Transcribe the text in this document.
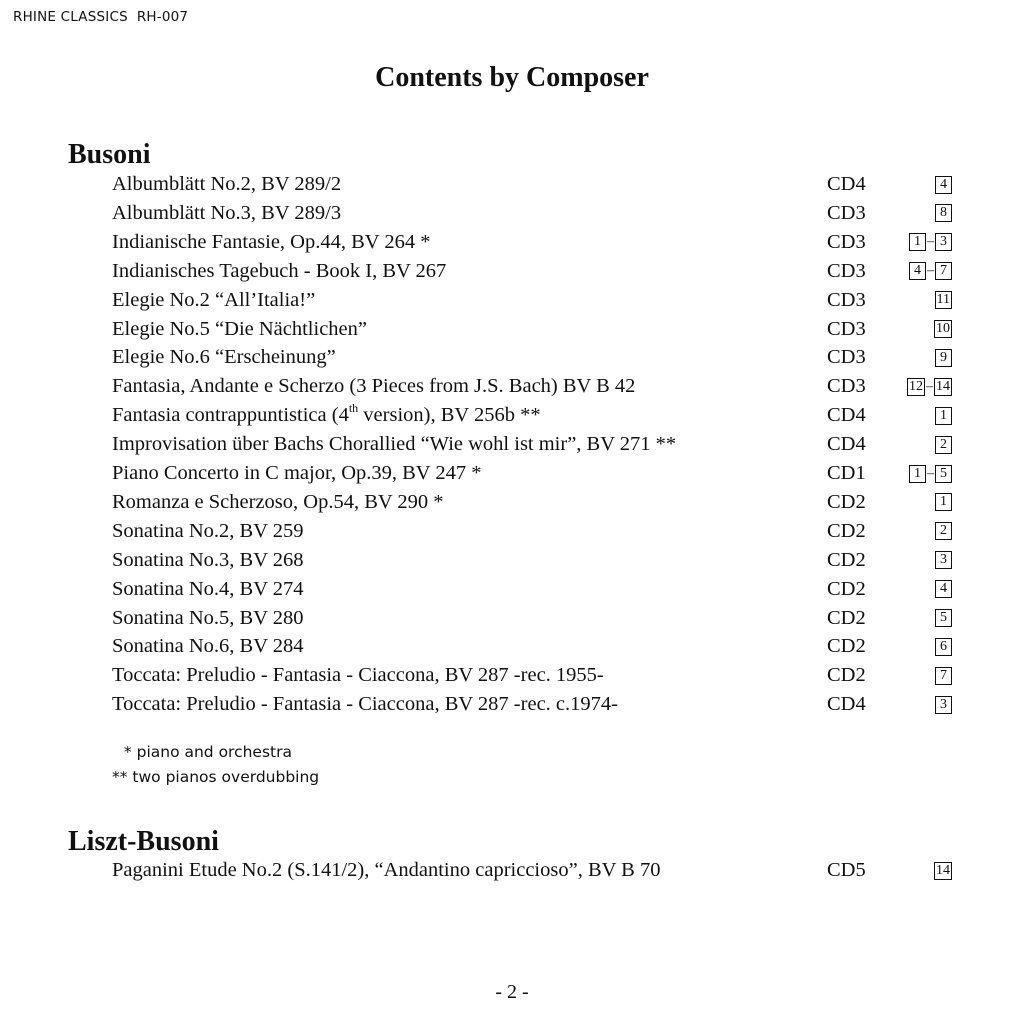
RHINE CLASSICS  RH-007
Contents by Composer
Busoni
Albumblätt No.2, BV 289/2	CD4	4
Albumblätt No.3, BV 289/3	CD3	8
Indianische Fantasie, Op.44, BV 264 *	CD3	1 – 3
Indianisches Tagebuch - Book I, BV 267	CD3	4 – 7
Elegie No.2 “All’Italia!”	CD3	11
Elegie No.5 “Die Nächtlichen”	CD3	10
Elegie No.6 “Erscheinung”	CD3	9
Fantasia, Andante e Scherzo (3 Pieces from J.S. Bach) BV B 42	CD3	12 – 14
Fantasia contrappuntistica (4th version), BV 256b **	CD4	1
Improvisation über Bachs Chorallied “Wie wohl ist mir”, BV 271 **	CD4	2
Piano Concerto in C major, Op.39, BV 247 *	CD1	1 – 5
Romanza e Scherzoso, Op.54, BV 290 *	CD2	1
Sonatina No.2, BV 259	CD2	2
Sonatina No.3, BV 268	CD2	3
Sonatina No.4, BV 274	CD2	4
Sonatina No.5, BV 280	CD2	5
Sonatina No.6, BV 284	CD2	6
Toccata: Preludio - Fantasia - Ciaccona, BV 287 -rec. 1955-	CD2	7
Toccata: Preludio - Fantasia - Ciaccona, BV 287 -rec. c.1974-	CD4	3
* piano and orchestra
** two pianos overdubbing
Liszt-Busoni
Paganini Etude No.2 (S.141/2), “Andantino capriccioso”, BV B 70	CD5	14
- 2 -
